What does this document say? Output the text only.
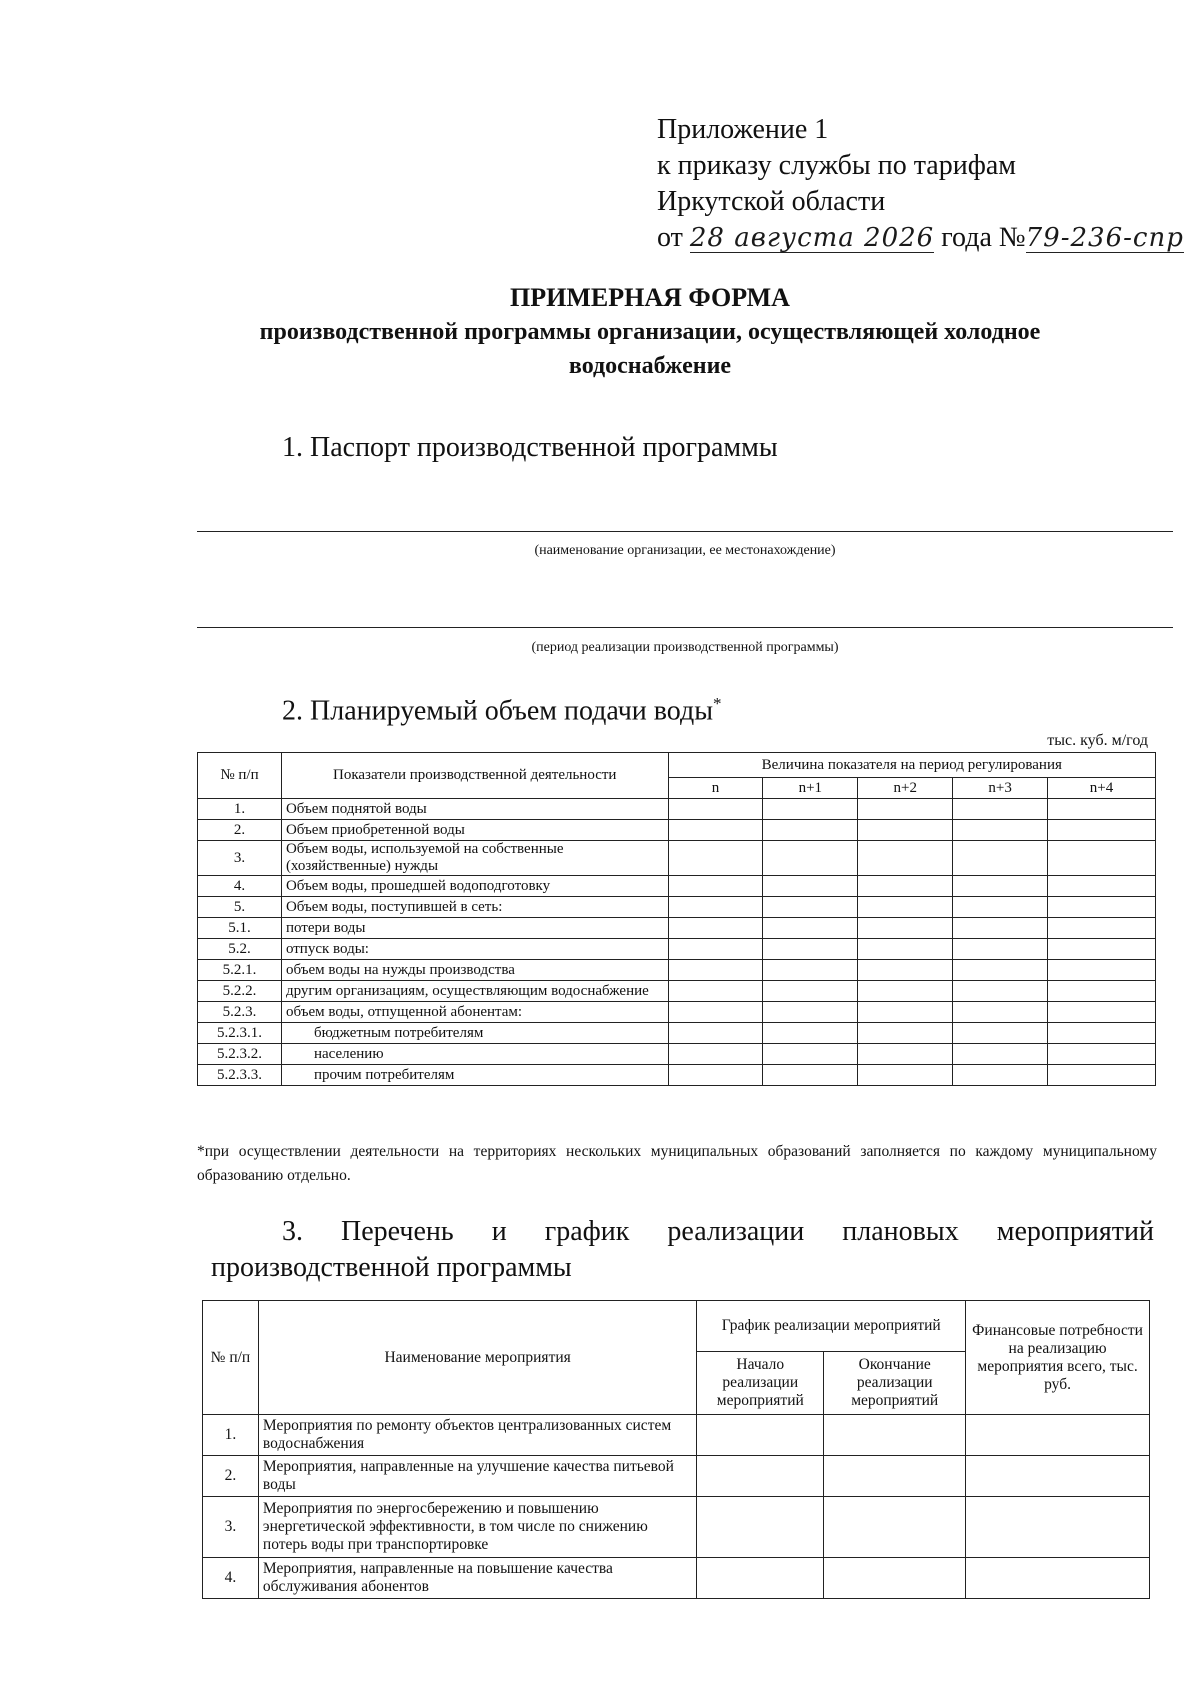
Приложение 1
к приказу службы по тарифам
Иркутской области
от 28 августа 2026 года №79-236-спр
ПРИМЕРНАЯ ФОРМА
производственной программы организации, осуществляющей холодное
водоснабжение
1. Паспорт производственной программы
(наименование организации, ее местонахождение)
(период реализации производственной программы)
2. Планируемый объем подачи воды*
тыс. куб. м/год
№ п/п	Показатели производственной деятельности	Величина показателя на период регулирования				
		n	n+1	n+2	n+3	n+4
1.	Объем поднятой воды					
2.	Объем приобретенной воды					
3.	Объем воды, используемой на собственные (хозяйственные) нужды					
4.	Объем воды, прошедшей водоподготовку					
5.	Объем воды, поступившей в сеть:					
5.1.	потери воды					
5.2.	отпуск воды:					
5.2.1.	объем воды на нужды производства					
5.2.2.	другим организациям, осуществляющим водоснабжение					
5.2.3.	объем воды, отпущенной абонентам:					
5.2.3.1.	бюджетным потребителям					
5.2.3.2.	населению					
5.2.3.3.	прочим потребителям					
*при осуществлении деятельности на территориях нескольких муниципальных образований заполняется по каждому муниципальному образованию отдельно.
3. Перечень и график реализации плановых мероприятий
производственной программы
№ п/п	Наименование мероприятия	График реализации мероприятий		Финансовые потребности на реализацию мероприятия всего, тыс. руб.
		Начало реализации мероприятий	Окончание реализации мероприятий	
1.	Мероприятия по ремонту объектов централизованных систем водоснабжения			
2.	Мероприятия, направленные на улучшение качества питьевой воды			
3.	Мероприятия по энергосбережению и повышению энергетической эффективности, в том числе по снижению потерь воды при транспортировке			
4.	Мероприятия, направленные на повышение качества обслуживания абонентов			
